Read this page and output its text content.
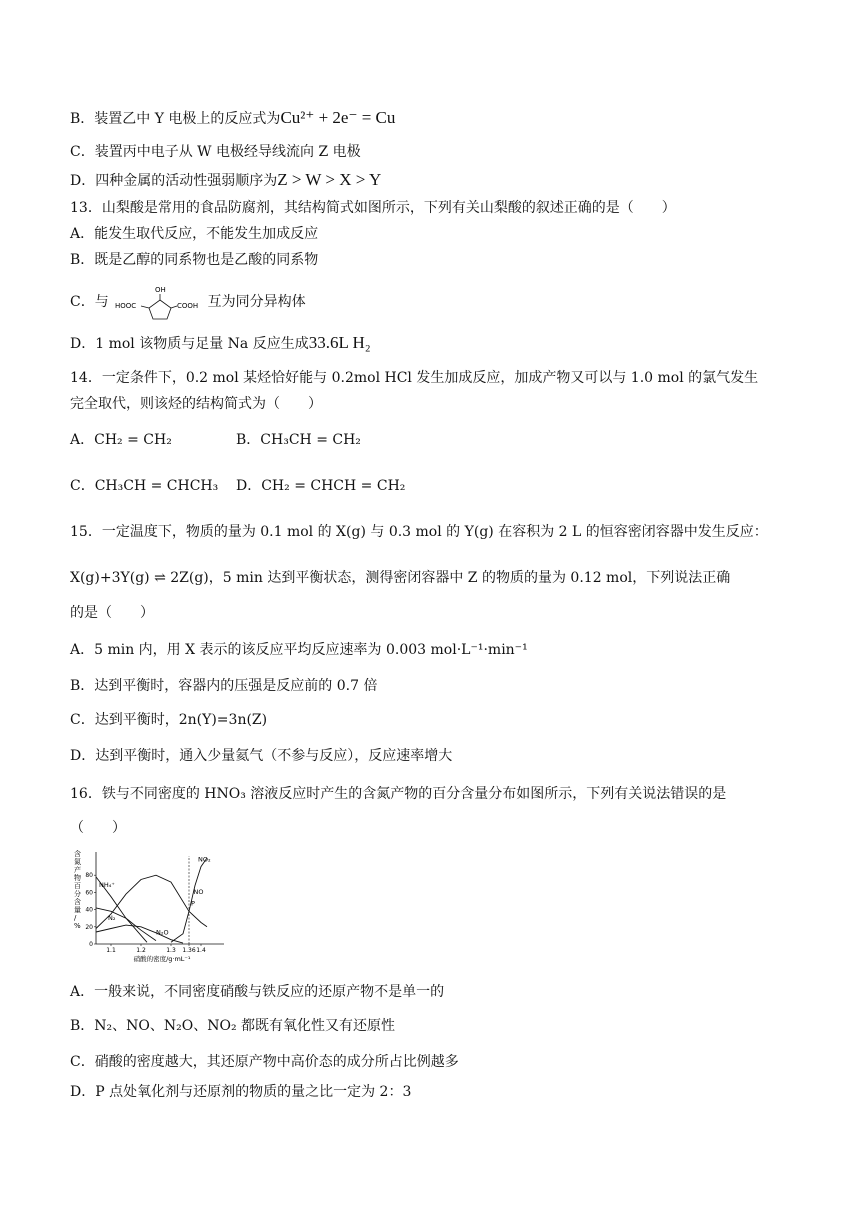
B．装置乙中 Y 电极上的反应式为Cu²⁺ + 2e⁻ = Cu
C．装置丙中电子从 W 电极经导线流向 Z 电极
D．四种金属的活动性强弱顺序为Z > W > X > Y
13．山梨酸是常用的食品防腐剂，其结构简式如图所示，下列有关山梨酸的叙述正确的是（　　）
A．能发生取代反应，不能发生加成反应
B．既是乙醇的同系物也是乙酸的同系物
C．与
OH
HOOC	COOH 互为同分异构体
D．1 mol 该物质与足量 Na 反应生成33.6L H₂
14．一定条件下，0.2 mol 某烃恰好能与 0.2mol HCl 发生加成反应，加成产物又可以与 1.0 mol 的氯气发生
完全取代，则该烃的结构简式为（　　）
A．CH₂ = CH₂	B．CH₃CH = CH₂
C．CH₃CH = CHCH₃ D．CH₂ = CHCH = CH₂
15．一定温度下，物质的量为 0.1 mol 的 X(g) 与 0.3 mol 的 Y(g) 在容积为 2 L 的恒容密闭容器中发生反应：
X(g)+3Y(g) ⇌ 2Z(g)，5 min 达到平衡状态，测得密闭容器中 Z 的物质的量为 0.12 mol，下列说法正确
的是（　　）
A．5 min 内，用 X 表示的该反应平均反应速率为 0.003 mol·L⁻¹·min⁻¹
B．达到平衡时，容器内的压强是反应前的 0.7 倍
C．达到平衡时，2n(Y)=3n(Z)
D．达到平衡时，通入少量氦气（不参与反应），反应速率增大
16．铁与不同密度的 HNO₃ 溶液反应时产生的含氮产物的百分含量分布如图所示，下列有关说法错误的是
（　　）
含氮产物百分含量/ %
0
20
40
60
80
1.1	1.2	1.3 1.36 1.4
硝酸的密度/g·mL⁻¹
NO₂
NO
NH₄⁺
N₂
N₂O
P
A．一般来说，不同密度硝酸与铁反应的还原产物不是单一的
B．N₂、NO、N₂O、NO₂ 都既有氧化性又有还原性
C．硝酸的密度越大，其还原产物中高价态的成分所占比例越多
D．P 点处氧化剂与还原剂的物质的量之比一定为 2：3
